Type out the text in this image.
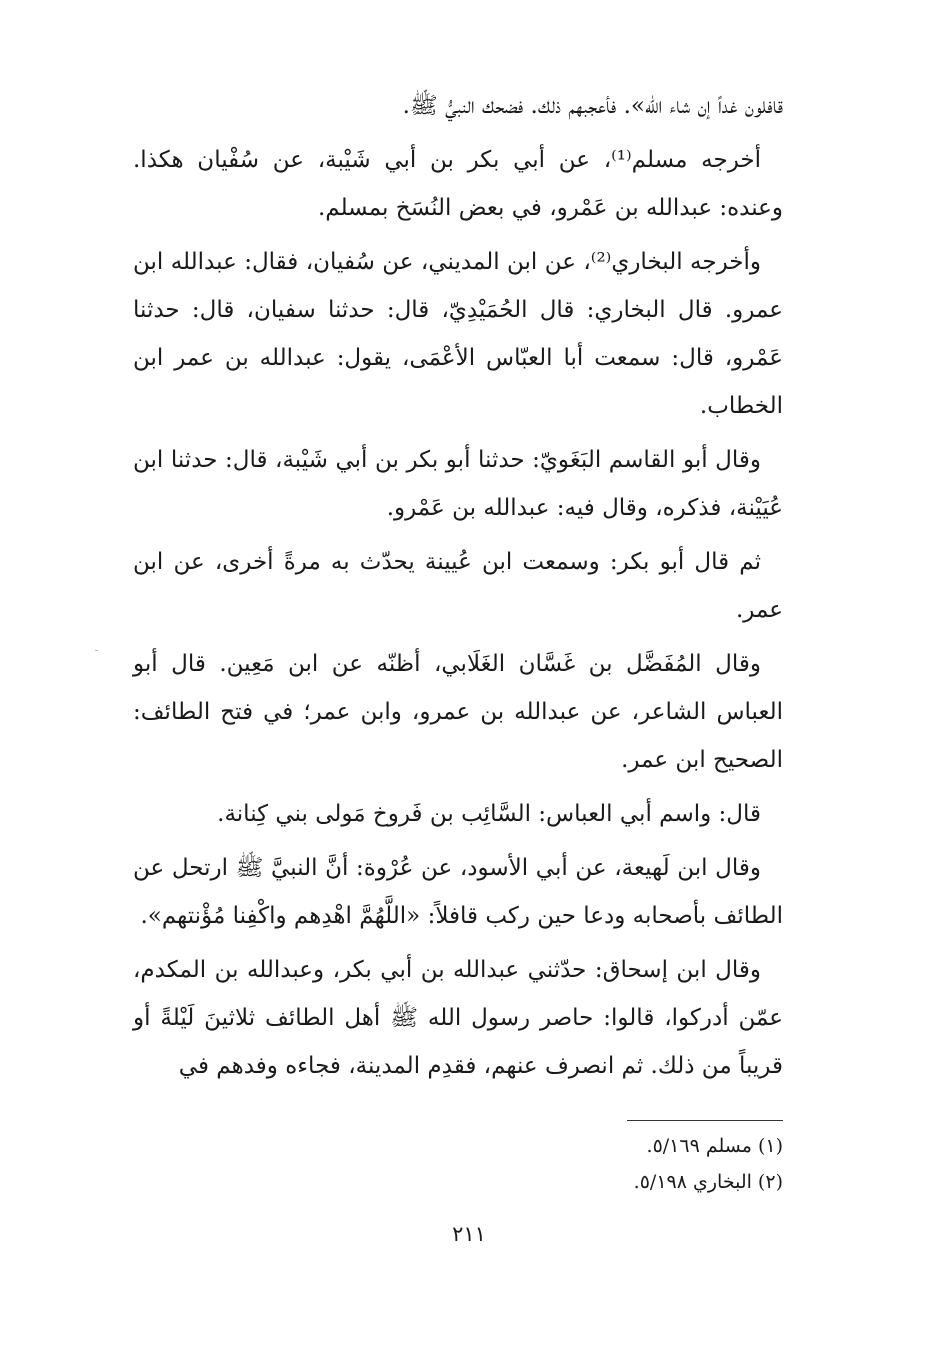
قافلون غداً إن شاء الله». فأعجبهم ذلك. فضحك النبيُّ ﷺ.

أخرجه مسلم⁽¹⁾، عن أبي بكر بن أبي شَيْبة، عن سُفْيان هكذا. وعنده: عبدالله بن عَمْرو، في بعض النُسَخ بمسلم.

وأخرجه البخاري⁽²⁾، عن ابن المديني، عن سُفيان، فقال: عبدالله ابن عمرو. قال البخاري: قال الحُمَيْدِيّ، قال: حدثنا سفيان، قال: حدثنا عَمْرو، قال: سمعت أبا العبّاس الأعْمَى، يقول: عبدالله بن عمر ابن الخطاب.

وقال أبو القاسم البَغَويّ: حدثنا أبو بكر بن أبي شَيْبة، قال: حدثنا ابن عُيَيْنة، فذكره، وقال فيه: عبدالله بن عَمْرو.

ثم قال أبو بكر: وسمعت ابن عُيينة يحدّث به مرةً أخرى، عن ابن عمر.

وقال المُفَضَّل بن غَسَّان الغَلَابي، أظنّه عن ابن مَعِين. قال أبو العباس الشاعر، عن عبدالله بن عمرو، وابن عمر؛ في فتح الطائف: الصحيح ابن عمر.

قال: واسم أبي العباس: السَّائِب بن فَروخ مَولى بني كِنانة.

وقال ابن لَهيعة، عن أبي الأسود، عن عُرْوة: أنَّ النبيَّ ﷺ ارتحل عن الطائف بأصحابه ودعا حين ركب قافلاً: «اللَّهُمَّ اهْدِهم واكْفِنا مُؤْنتهم».

وقال ابن إسحاق: حدّثني عبدالله بن أبي بكر، وعبدالله بن المكدم، عمّن أدركوا، قالوا: حاصر رسول الله ﷺ أهل الطائف ثلاثينَ لَيْلةً أو قريباً من ذلك. ثم انصرف عنهم، فقدِم المدينة، فجاءه وفدهم في

(١) مسلم ٥/١٦٩.

(٢) البخاري ٥/١٩٨.

٢١١
